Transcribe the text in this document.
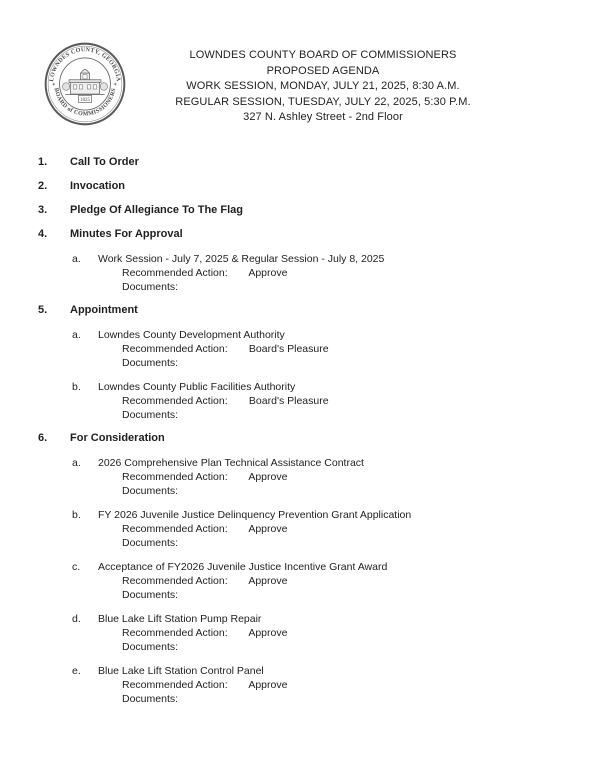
LOWNDES COUNTY, GEORGIA
BOARD of COMMISSIONERS
✶	✶
1825
LOWNDES COUNTY BOARD OF COMMISSIONERS
PROPOSED AGENDA
WORK SESSION, MONDAY, JULY 21, 2025, 8:30 A.M.
REGULAR SESSION, TUESDAY, JULY 22, 2025, 5:30 P.M.
327 N. Ashley Street - 2nd Floor
1.	Call To Order
2.	Invocation
3.	Pledge Of Allegiance To The Flag
4.	Minutes For Approval
a.	Work Session - July 7, 2025 & Regular Session - July 8, 2025
Recommended Action: Approve
Documents:
5.	Appointment
a.	Lowndes County Development Authority
Recommended Action: Board's Pleasure
Documents:
b.	Lowndes County Public Facilities Authority
Recommended Action: Board's Pleasure
Documents:
6.	For Consideration
a.	2026 Comprehensive Plan Technical Assistance Contract
Recommended Action: Approve
Documents:
b.	FY 2026 Juvenile Justice Delinquency Prevention Grant Application
Recommended Action: Approve
Documents:
c.	Acceptance of FY2026 Juvenile Justice Incentive Grant Award
Recommended Action: Approve
Documents:
d.	Blue Lake Lift Station Pump Repair
Recommended Action: Approve
Documents:
e.	Blue Lake Lift Station Control Panel
Recommended Action: Approve
Documents:
